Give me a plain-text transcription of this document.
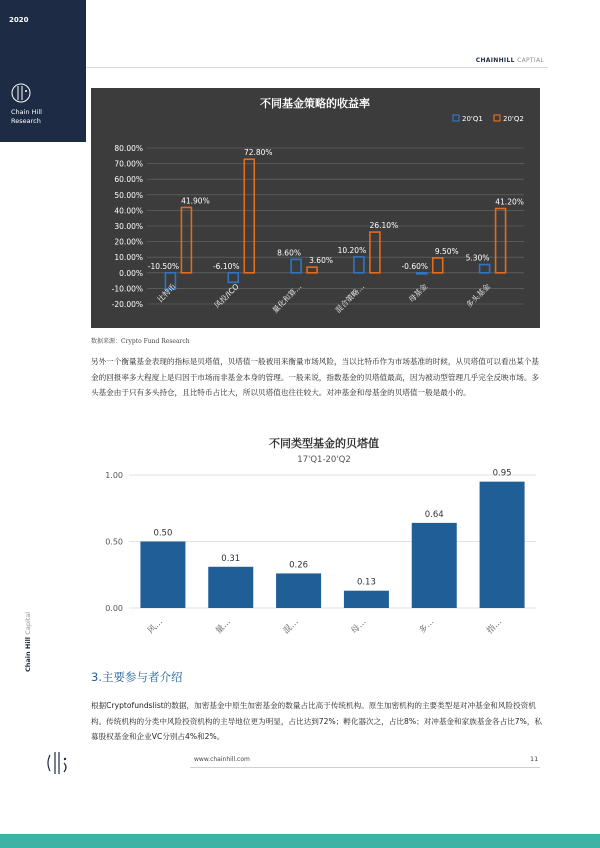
2020
Chain Hill
Research
CHAINHILL CAPTIAL
不同基金策略的收益率
20'Q1	20'Q2
80.00%
70.00%
60.00%
50.00%
40.00%
30.00%
20.00%
10.00%
0.00%
-10.00%
-20.00%
-10.50%
41.90%
比特币
-6.10%
72.80%
风投/ICO
8.60%
3.60%
量化和算…
10.20%
26.10%
混合策略…
-0.60%
9.50%
母基金
5.30%
41.20%
多头基金
数据来源：Crypto Fund Research
另外一个衡量基金表现的指标是贝塔值，贝塔值一般被用来衡量市场风险，当以比特币作为市场基准的时候，从贝塔值可以看出某个基金的回报率多大程度上是归因于市场而非基金本身的管理。一般来说，指数基金的贝塔值最高，因为被动型管理几乎完全反映市场。多头基金由于只有多头持仓，且比特币占比大，所以贝塔值也往往较大。对冲基金和母基金的贝塔值一般是最小的。
不同类型基金的贝塔值
17'Q1-20'Q2
1.00
0.50
0.00
0.50
风…
0.31
量…
0.26
混…
0.13
母…
0.64
多…
0.95
指…
3.主要参与者介绍
根据Cryptofundslist的数据，加密基金中原生加密基金的数量占比高于传统机构。原生加密机构的主要类型是对冲基金和风险投资机构。传统机构的分类中风险投资机构的主导地位更为明显，占比达到72%；孵化器次之，占比8%；对冲基金和家族基金各占比7%，私募股权基金和企业VC分别占4%和2%。
Chain Hill Capital
www.chainhill.com	11
